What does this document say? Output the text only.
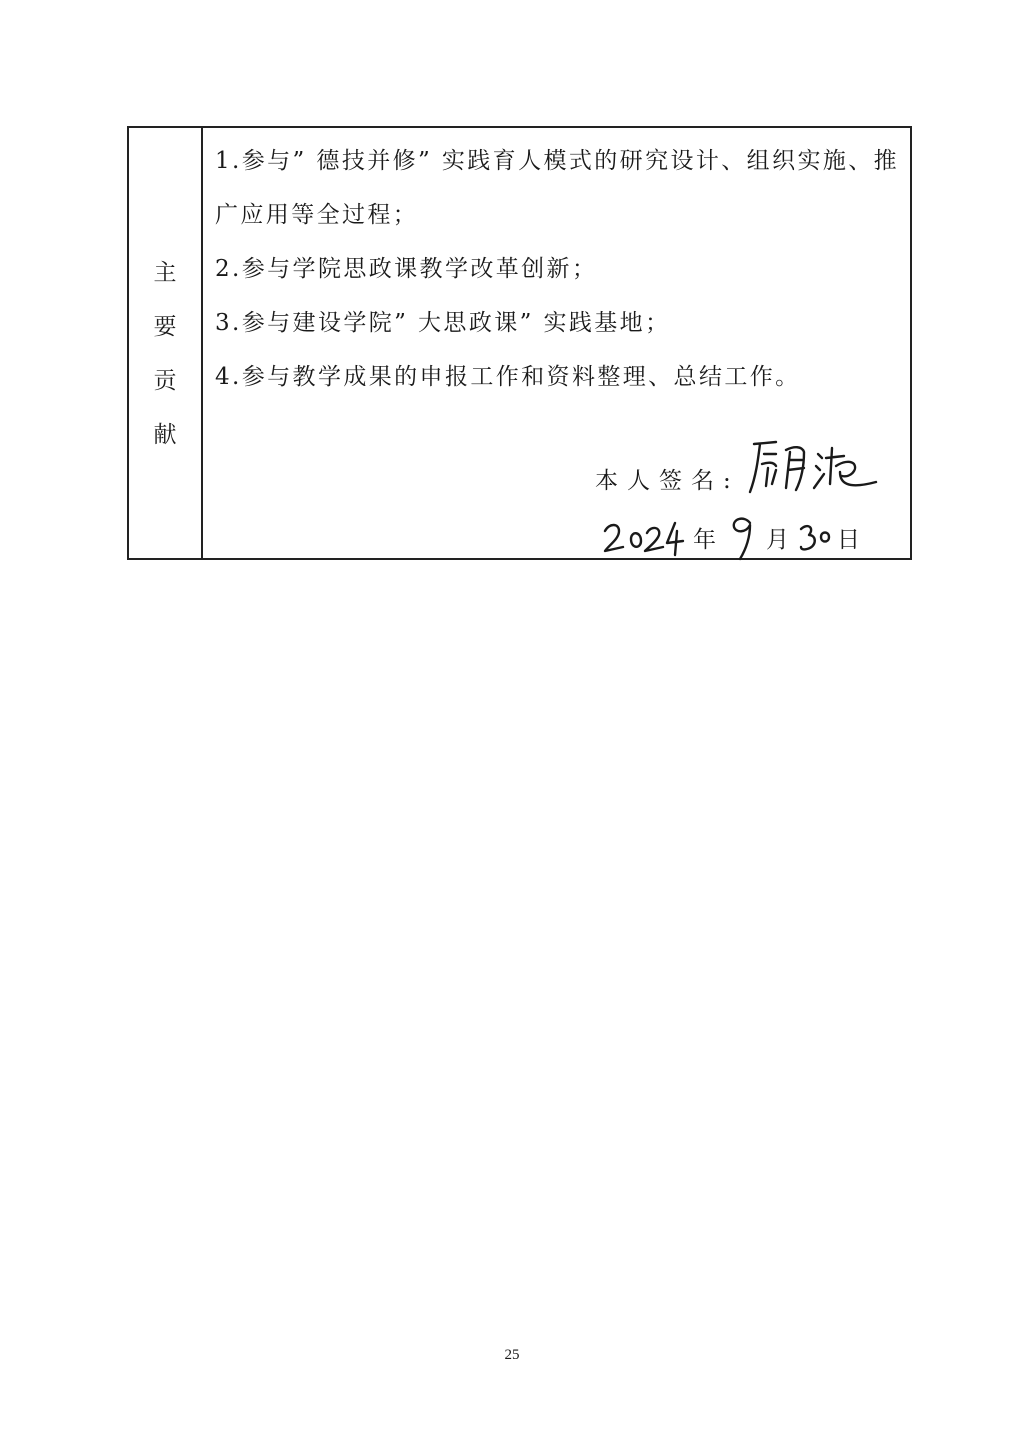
主
要
贡
献
1.参与” 德技并修” 实践育人模式的研究设计、组织实施、推
广应用等全过程；
2.参与学院思政课教学改革创新；
3.参与建设学院” 大思政课” 实践基地；
4.参与教学成果的申报工作和资料整理、总结工作。
本人签名:
年 月 日
25
